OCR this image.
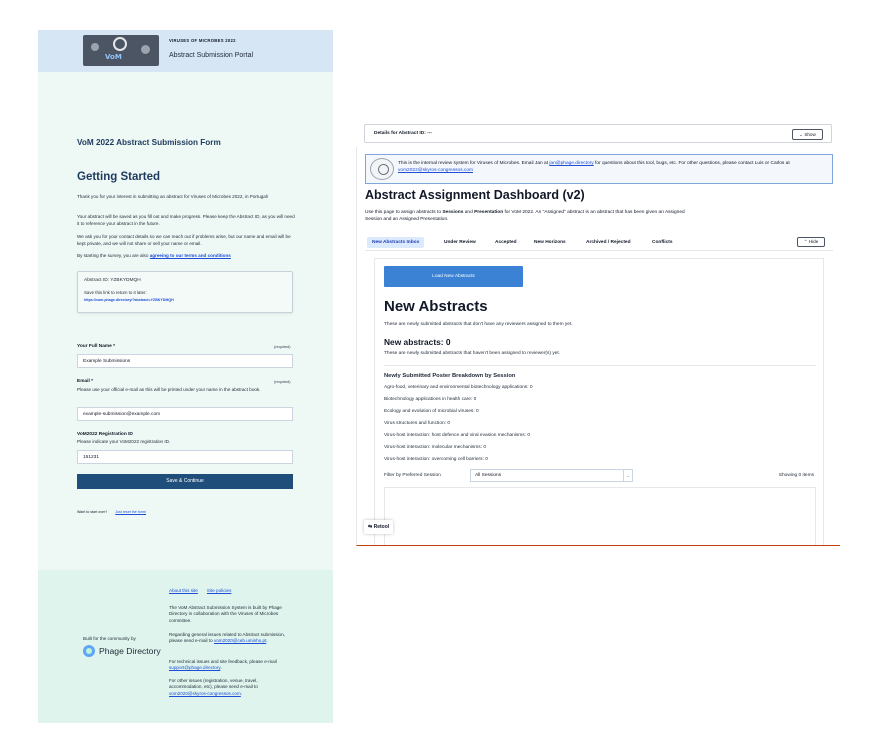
VoM
VIRUSES OF MICROBES 2022
Abstract Submission Portal
VoM 2022 Abstract Submission Form
Getting Started
Thank you for your interest in submitting an abstract for Viruses of Microbes 2022, in Portugal!
Your abstract will be saved as you fill out and make progress. Please keep the Abstract ID, as you will need it to reference your abstract in the future.
We ask you for your contact details so we can reach out if problems arise, but our name and email will be kept private, and we will not share or sell your name or email.
By starting the survey, you are also agreeing to our terms and conditions
Abstract ID: YZBKYDMQH
Save this link to return to it later:
https://vom.phage.directory/?abstract=YZBKYDMQH
Your Full Name *	(required)
Example Submissions
Email *	(required)
Please use your official e-mail as this will be printed under your name in the abstract book.
example-submission@example.com
VoM2022 Registration ID
Please indicate your VoM2022 registration ID.
151231
Save & Continue
Want to start over? Just reset the form!
About this site Site policies
The VoM Abstract Submission System is built by Phage Directory in collaboration with the Viruses of Microbes committee.
Regarding general issues related to Abstract submission, please send e-mail to vom2020@ceb.uminho.pt.
For technical issues and site feedback, please e-mail support@phage.directory.
For other issues (registration, venue, travel, accommodation, etc), please send e-mail to vom2020@skyros-congressos.com.
Built for the community by
Phage Directory
Details for Abstract ID: ---	⌄ Show
This is the internal review system for Viruses of Microbes. Email Jan at jan@phage.directory for questions about this tool, bugs, etc. For other questions, please contact Luis or Carlos at vom2022@skyros-congressos.com
Abstract Assignment Dashboard (v2)
Use this page to assign abstracts to Sessions and Presentation for VoM 2022. An "Assigned" abstract is an abstract that has been given an Assigned Session and an Assigned Presentation.
New Abstracts Inbox	Under Review	Accepted	New Horizons	Archived / Rejected	Conflicts	⌃ Hide
Load New Abstracts
New Abstracts
These are newly submitted abstracts that don't have any reviewers assigned to them yet.
New abstracts: 0
These are newly submitted abstracts that haven't been assigned to reviewer(s) yet.
Newly Submitted Poster Breakdown by Session
Agro-food, veterinary and environmental biotechnology applications: 0
Biotechnology applications in health care: 0
Ecology and evolution of microbial viruses: 0
Virus structures and function: 0
Virus-host interaction: host defence and viral evasion mechanisms: 0
Virus-host interaction: molecular mechanisms: 0
Virus-host interaction: overcoming cell barriers: 0
Filter by Preferred Session	All Sessions	⌄	Showing 0 items
⇆ Retool
